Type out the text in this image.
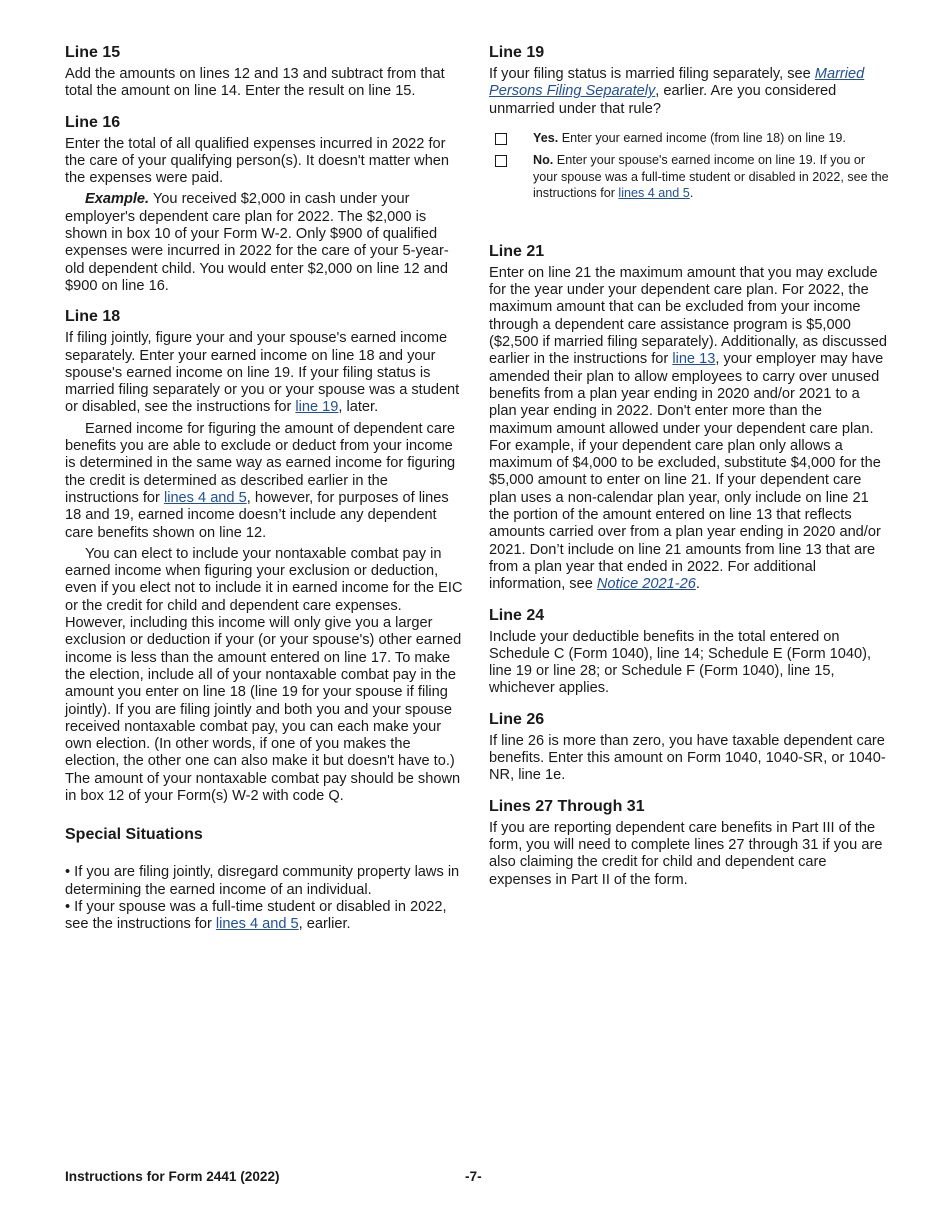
Line 15

Add the amounts on lines 12 and 13 and subtract from that total the amount on line 14. Enter the result on line 15.

Line 16

Enter the total of all qualified expenses incurred in 2022 for the care of your qualifying person(s). It doesn't matter when the expenses were paid.

Example. You received $2,000 in cash under your employer's dependent care plan for 2022. The $2,000 is shown in box 10 of your Form W-2. Only $900 of qualified expenses were incurred in 2022 for the care of your 5-year-old dependent child. You would enter $2,000 on line 12 and $900 on line 16.

Line 18

If filing jointly, figure your and your spouse's earned income separately. Enter your earned income on line 18 and your spouse's earned income on line 19. If your filing status is married filing separately or you or your spouse was a student or disabled, see the instructions for line 19, later.

Earned income for figuring the amount of dependent care benefits you are able to exclude or deduct from your income is determined in the same way as earned income for figuring the credit is determined as described earlier in the instructions for lines 4 and 5, however, for purposes of lines 18 and 19, earned income doesn’t include any dependent care benefits shown on line 12.

You can elect to include your nontaxable combat pay in earned income when figuring your exclusion or deduction, even if you elect not to include it in earned income for the EIC or the credit for child and dependent care expenses. However, including this income will only give you a larger exclusion or deduction if your (or your spouse's) other earned income is less than the amount entered on line 17. To make the election, include all of your nontaxable combat pay in the amount you enter on line 18 (line 19 for your spouse if filing jointly). If you are filing jointly and both you and your spouse received nontaxable combat pay, you can each make your own election. (In other words, if one of you makes the election, the other one can also make it but doesn't have to.) The amount of your nontaxable combat pay should be shown in box 12 of your Form(s) W-2 with code Q.

Special Situations

• If you are filing jointly, disregard community property laws in determining the earned income of an individual.

• If your spouse was a full-time student or disabled in 2022, see the instructions for lines 4 and 5, earlier.

Line 19

If your filing status is married filing separately, see Married Persons Filing Separately, earlier. Are you considered unmarried under that rule?

Yes. Enter your earned income (from line 18) on line 19.
No. Enter your spouse's earned income on line 19. If you or your spouse was a full-time student or disabled in 2022, see the instructions for lines 4 and 5.
Line 21

Enter on line 21 the maximum amount that you may exclude for the year under your dependent care plan. For 2022, the maximum amount that can be excluded from your income through a dependent care assistance program is $5,000 ($2,500 if married filing separately). Additionally, as discussed earlier in the instructions for line 13, your employer may have amended their plan to allow employees to carry over unused benefits from a plan year ending in 2020 and/or 2021 to a plan year ending in 2022. Don't enter more than the maximum amount allowed under your dependent care plan. For example, if your dependent care plan only allows a maximum of $4,000 to be excluded, substitute $4,000 for the $5,000 amount to enter on line 21. If your dependent care plan uses a non-calendar plan year, only include on line 21 the portion of the amount entered on line 13 that reflects amounts carried over from a plan year ending in 2020 and/or 2021. Don’t include on line 21 amounts from line 13 that are from a plan year that ended in 2022. For additional information, see Notice 2021-26.

Line 24

Include your deductible benefits in the total entered on Schedule C (Form 1040), line 14; Schedule E (Form 1040), line 19 or line 28; or Schedule F (Form 1040), line 15, whichever applies.

Line 26

If line 26 is more than zero, you have taxable dependent care benefits. Enter this amount on Form 1040, 1040-SR, or 1040-NR, line 1e.

Lines 27 Through 31

If you are reporting dependent care benefits in Part III of the form, you will need to complete lines 27 through 31 if you are also claiming the credit for child and dependent care expenses in Part II of the form.

Instructions for Form 2441 (2022)	-7-
